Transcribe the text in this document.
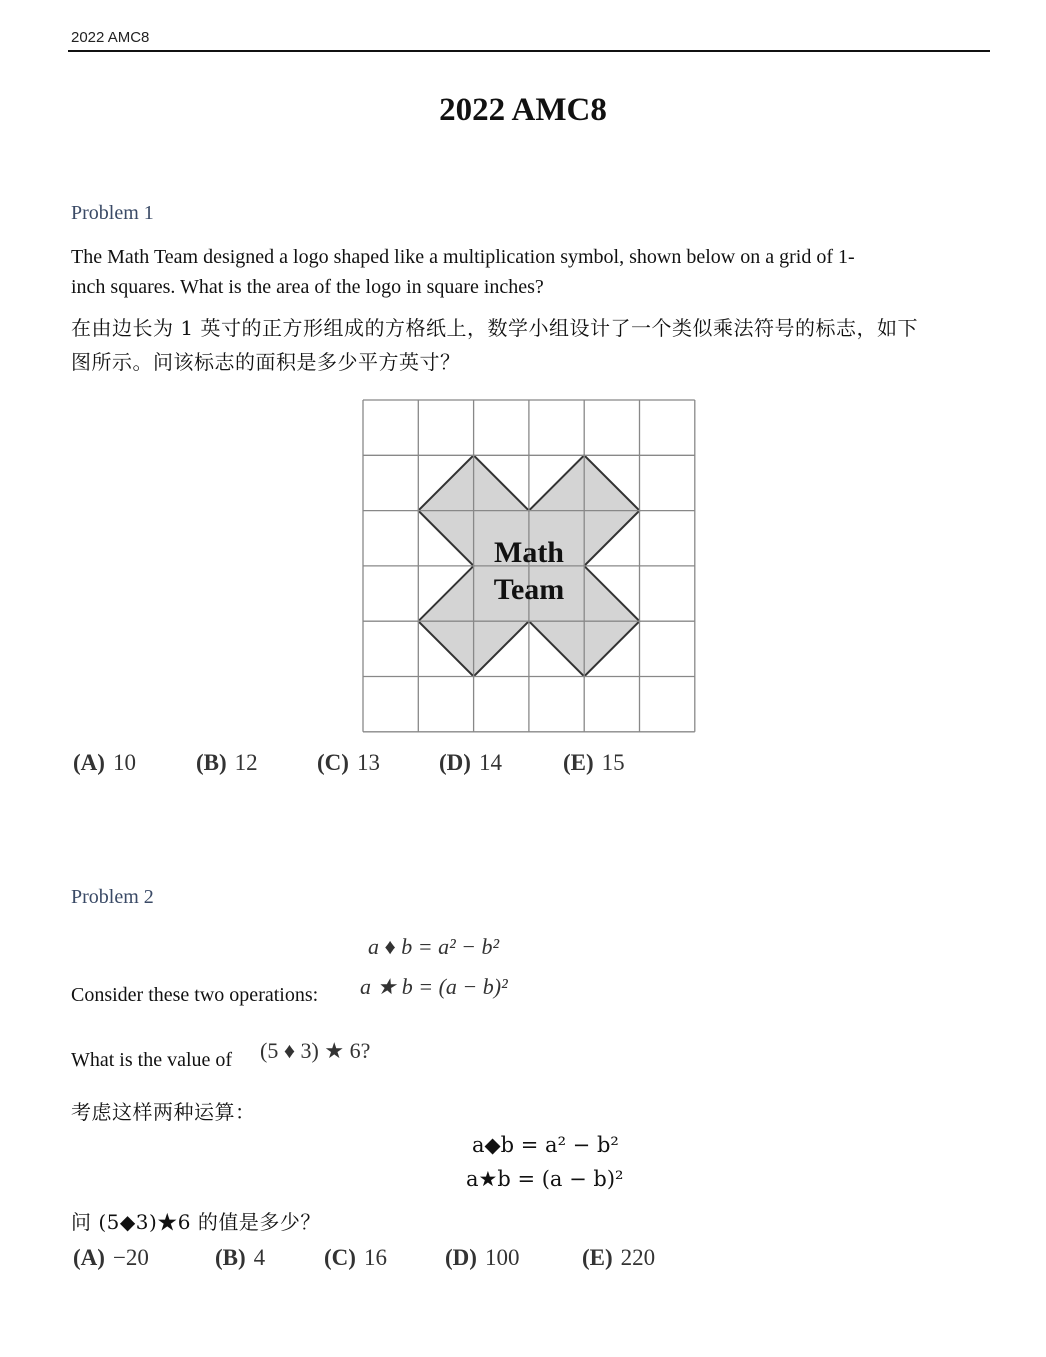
2022 AMC8
2022 AMC8
Problem 1
The Math Team designed a logo shaped like a multiplication symbol, shown below on a grid of 1-
inch squares. What is the area of the logo in square inches?
在由边长为 1 英寸的正方形组成的方格纸上，数学小组设计了一个类似乘法符号的标志，如下
图所示。问该标志的面积是多少平方英寸？
Math
Team
(A) 10	(B) 12	(C) 13	(D) 14	(E) 15
Problem 2
a ♦ b = a² − b²
Consider these two operations: a ★ b = (a − b)²
What is the value of (5 ♦ 3) ★ 6?
考虑这样两种运算：
a◆b = a² − b²
a★b = (a − b)²
问 (5◆3)★6 的值是多少？
(A) −20	(B) 4	(C) 16	(D) 100	(E) 220
